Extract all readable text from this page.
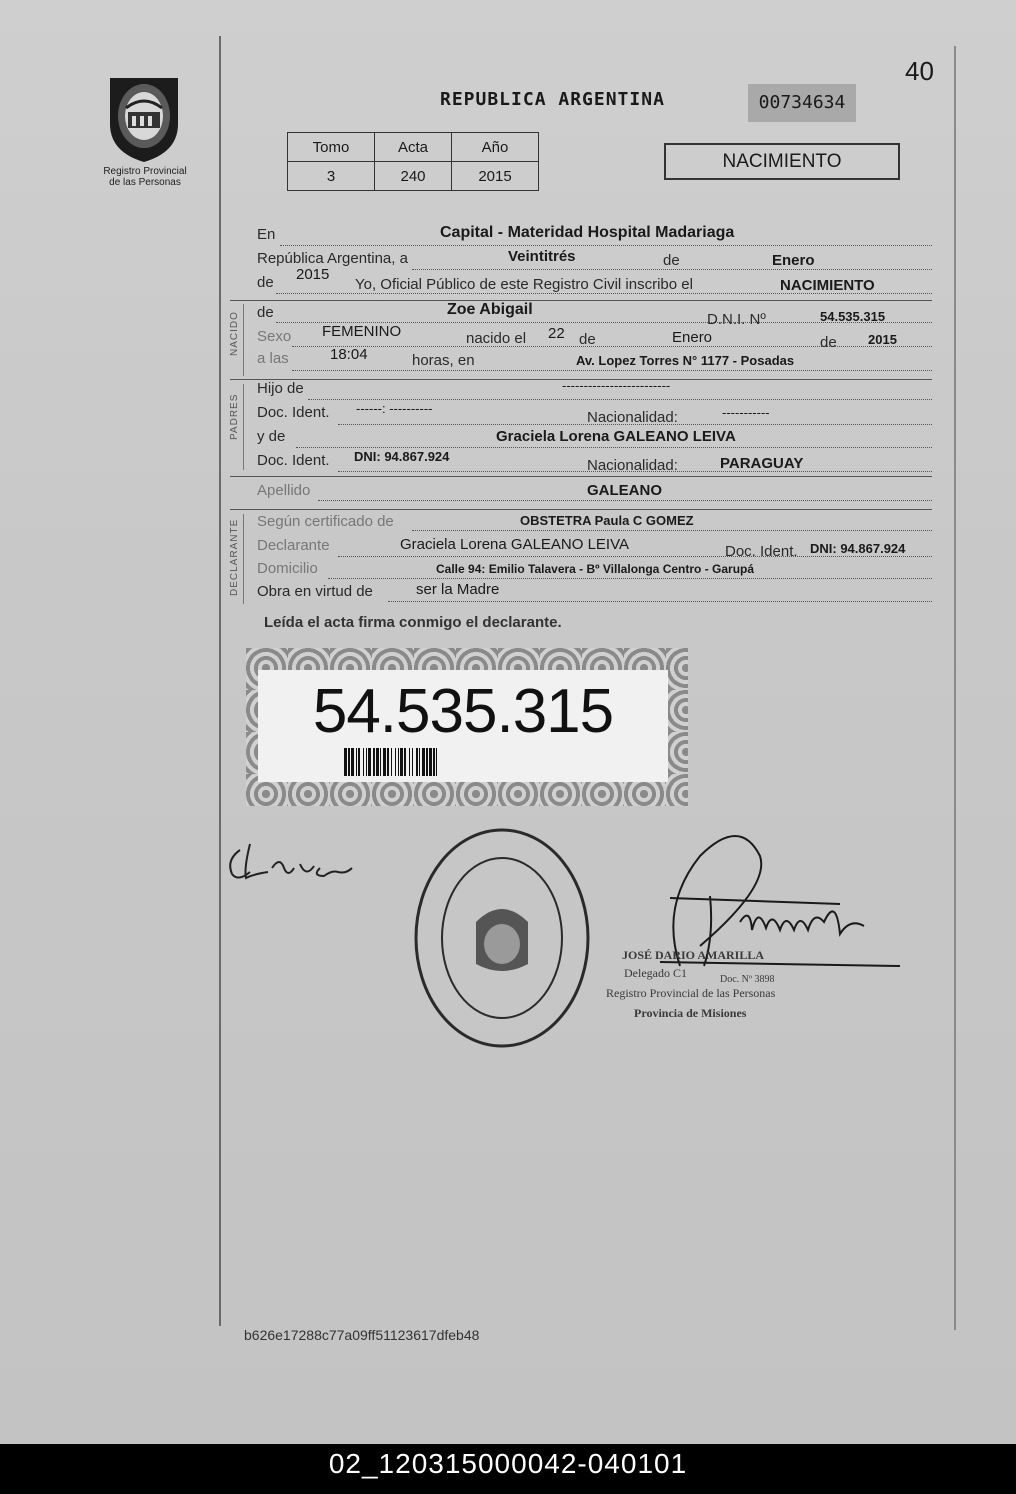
40
Registro Provincial
de las Personas
REPUBLICA ARGENTINA	00734634
Tomo	Acta	Año
3	240	2015
NACIMIENTO
En	Capital - Materidad Hospital Madariaga
República Argentina, a	Veintitrés	de	Enero
de 2015
Yo, Oficial Público de este Registro Civil inscribo el	NACIMIENTO
NACIDO de	Zoe Abigail
D.N.I. Nº	54.535.315
Sexo FEMENINO	nacido el 22 de	Enero	de 2015
a las	18:04	horas, en	Av. Lopez Torres N° 1177 - Posadas
PADRES
Hijo de	-------------------------
Doc. Ident. ------: ----------
Nacionalidad:	-----------
y de	Graciela Lorena GALEANO LEIVA
Doc. Ident. DNI: 94.867.924
Nacionalidad:	PARAGUAY
Apellido	GALEANO
DECLARANTE Según certificado de	OBSTETRA Paula C GOMEZ
Declarante	Graciela Lorena GALEANO LEIVA	Doc. Ident. DNI: 94.867.924
Domicilio	Calle 94: Emilio Talavera - Bº Villalonga Centro - Garupá
Obra en virtud de	ser la Madre
Leída el acta firma conmigo el declarante.
54.535.315
JOSÉ DARIO AMARILLA
Delegado C1	Doc. Nº 3898
Registro Provincial de las Personas
Provincia de Misiones
b626e17288c77a09ff51123617dfeb48
02_120315000042-040101
